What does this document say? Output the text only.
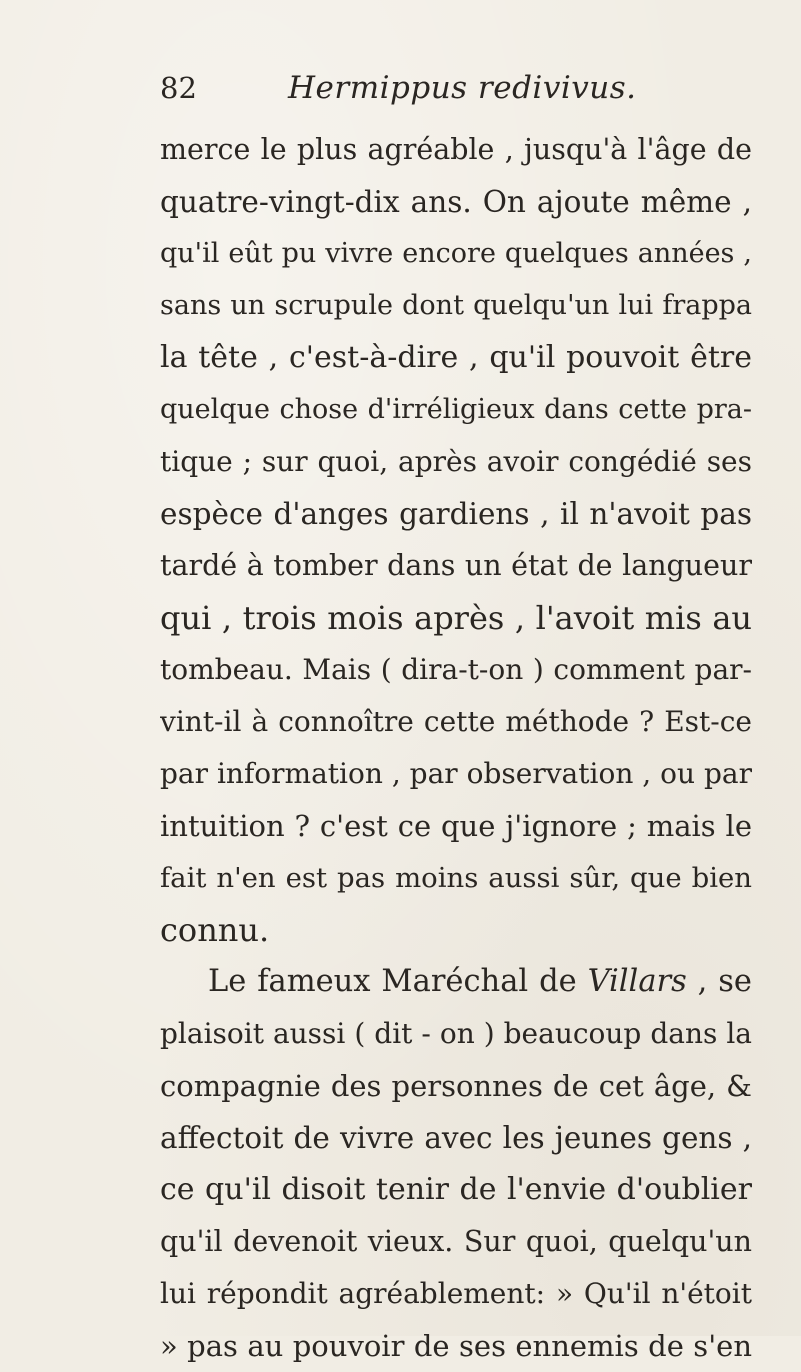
82	Hermippus redivivus.
merce le plus agréable , jusqu'à l'âge de
quatre-vingt-dix ans. On ajoute même ,
qu'il eût pu vivre encore quelques années ,
sans un scrupule dont quelqu'un lui frappa
la tête , c'est-à-dire , qu'il pouvoit être
quelque chose d'irréligieux dans cette pra-
tique ; sur quoi, après avoir congédié ses
espèce d'anges gardiens , il n'avoit pas
tardé à tomber dans un état de langueur
qui , trois mois après , l'avoit mis au
tombeau. Mais ( dira-t-on ) comment par-
vint-il à connoître cette méthode ? Est-ce
par information , par observation , ou par
intuition ? c'est ce que j'ignore ; mais le
fait n'en est pas moins aussi sûr, que bien
connu.
Le fameux Maréchal de Villars , se
plaisoit aussi ( dit - on ) beaucoup dans la
compagnie des personnes de cet âge, &
affectoit de vivre avec les jeunes gens ,
ce qu'il disoit tenir de l'envie d'oublier
qu'il devenoit vieux. Sur quoi, quelqu'un
lui répondit agréablement: » Qu'il n'étoit
» pas au pouvoir de ses ennemis de s'en
